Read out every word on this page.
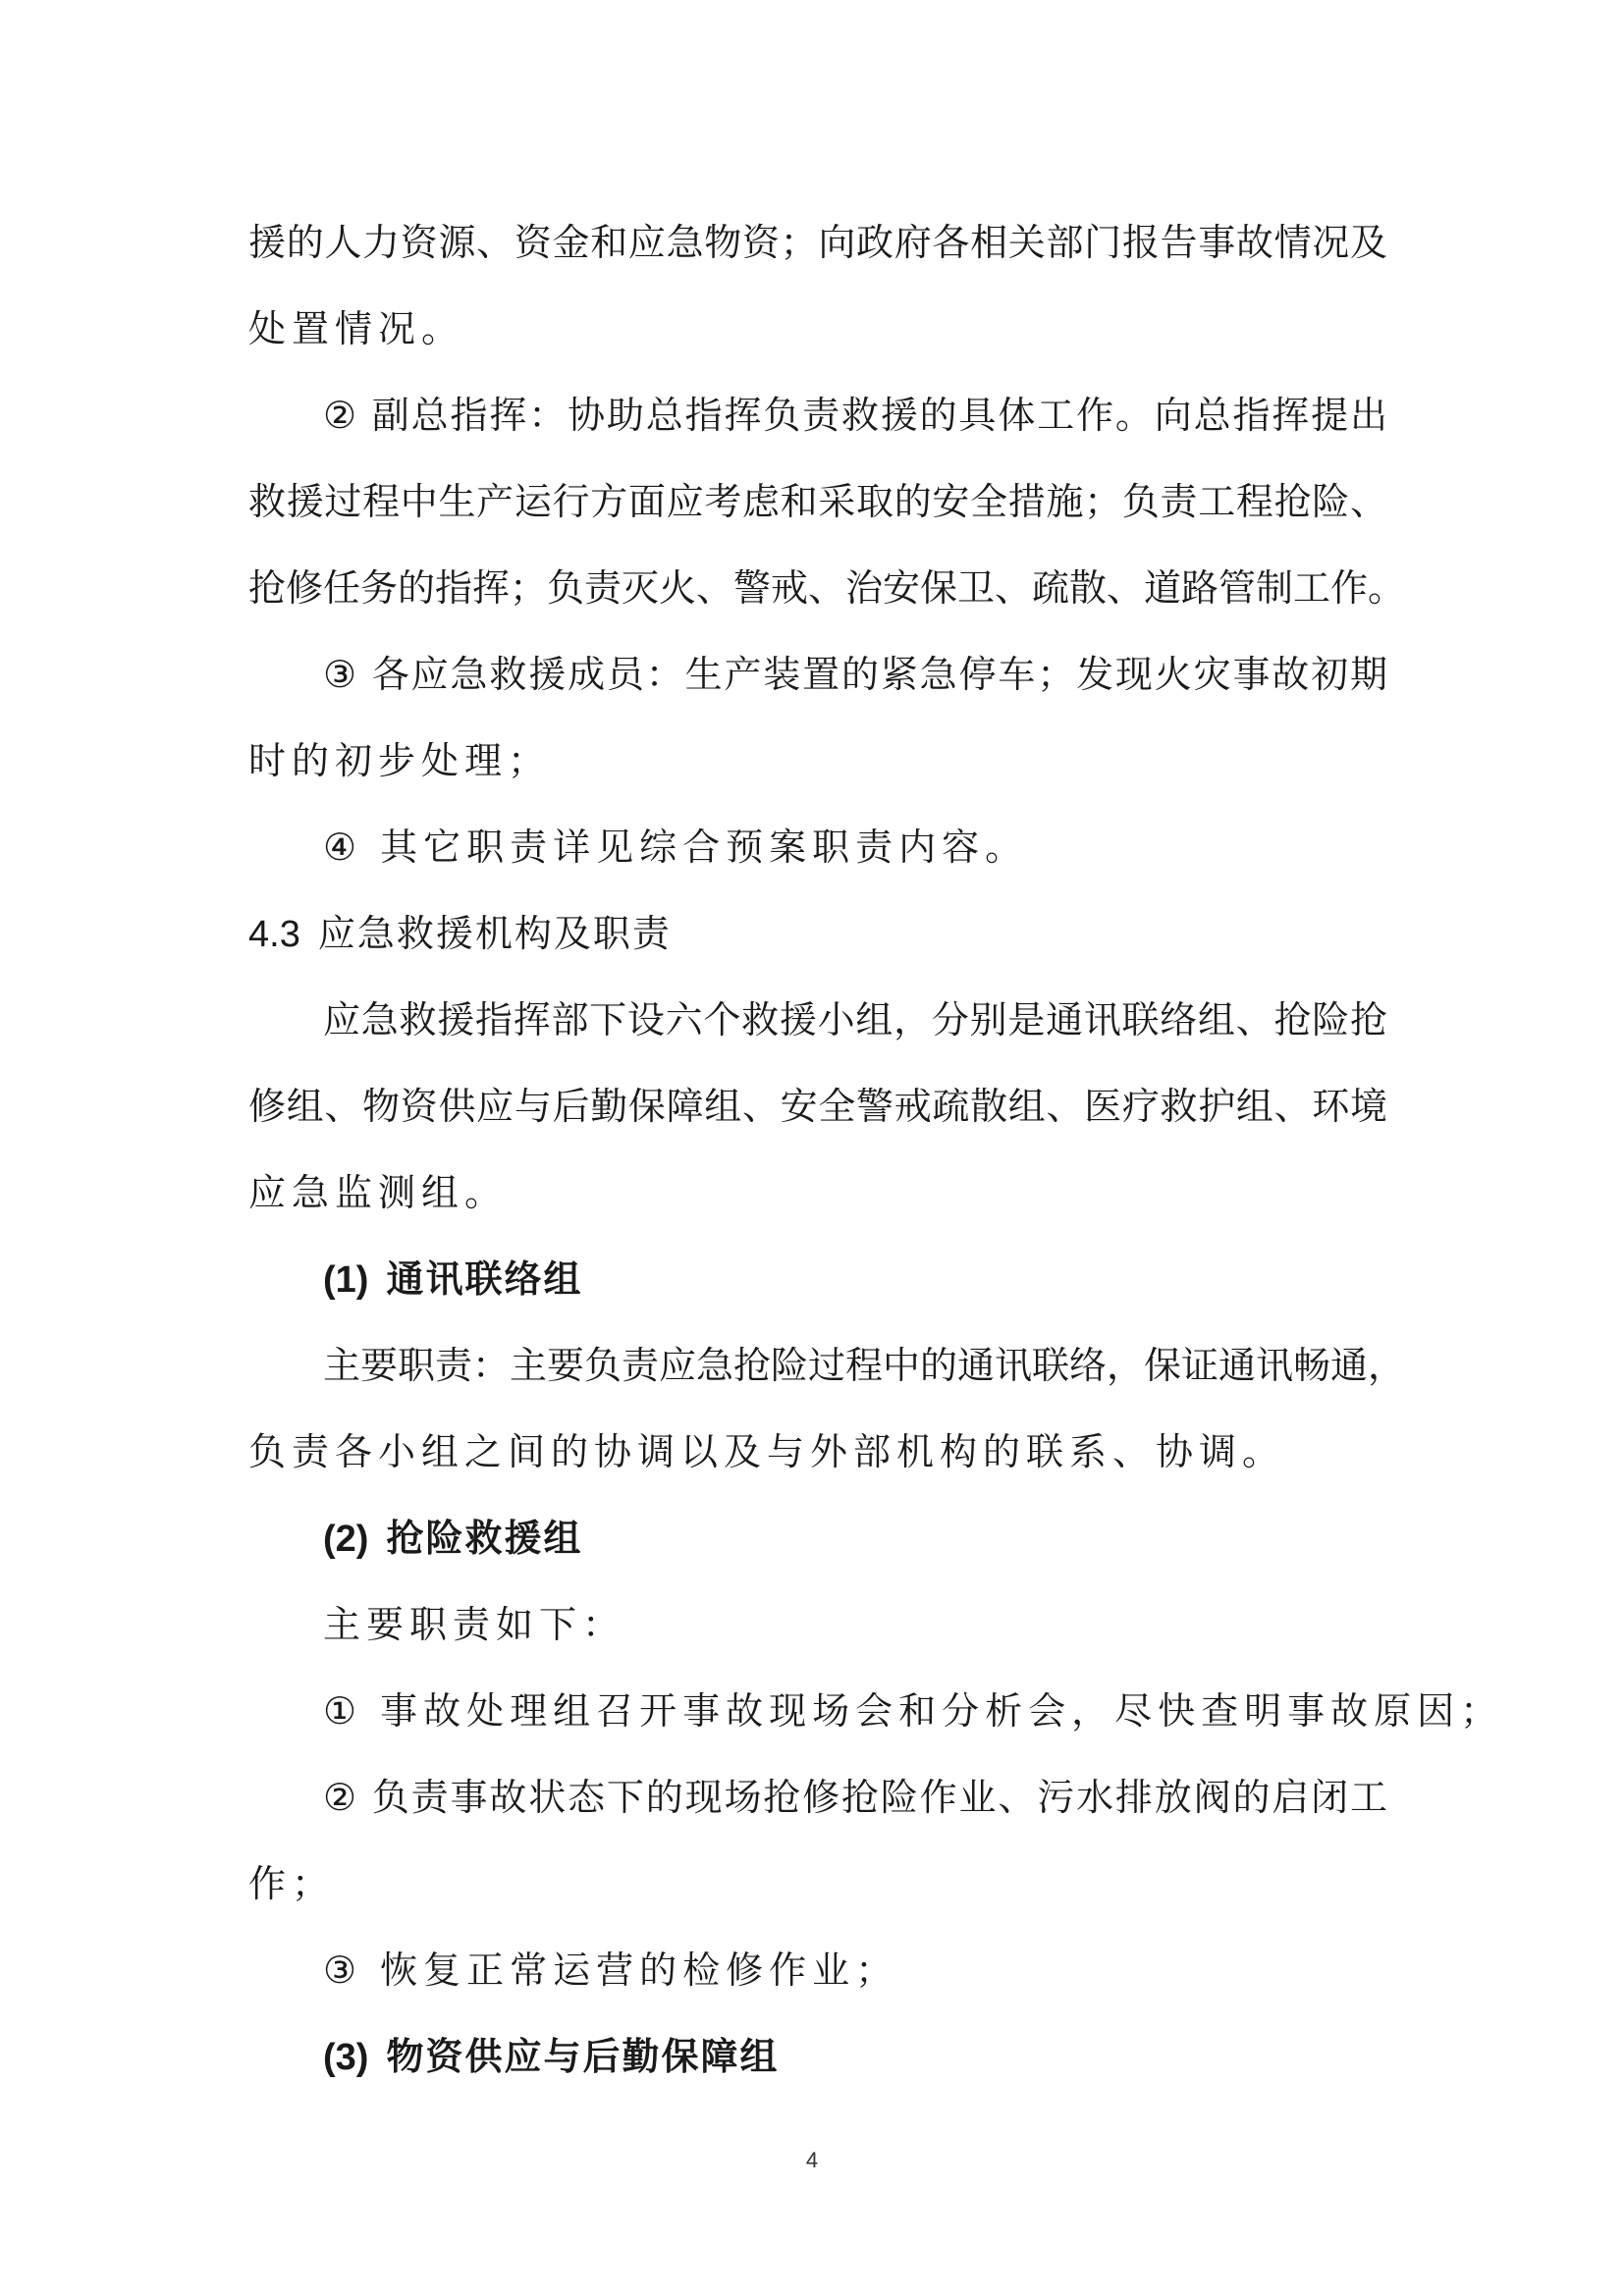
援的人力资源、资金和应急物资；向政府各相关部门报告事故情况及
处置情况。
② 副总指挥：协助总指挥负责救援的具体工作。向总指挥提出
救援过程中生产运行方面应考虑和采取的安全措施；负责工程抢险、
抢修任务的指挥；负责灭火、警戒、治安保卫、疏散、道路管制工作。
③ 各应急救援成员：生产装置的紧急停车；发现火灾事故初期
时的初步处理；
④ 其它职责详见综合预案职责内容。
4.3 应急救援机构及职责
应急救援指挥部下设六个救援小组，分别是通讯联络组、抢险抢
修组、物资供应与后勤保障组、安全警戒疏散组、医疗救护组、环境
应急监测组。
(1) 通讯联络组
主要职责：主要负责应急抢险过程中的通讯联络，保证通讯畅通，
负责各小组之间的协调以及与外部机构的联系、协调。
(2) 抢险救援组
主要职责如下：
① 事故处理组召开事故现场会和分析会，尽快查明事故原因；
② 负责事故状态下的现场抢修抢险作业、污水排放阀的启闭工
作；
③ 恢复正常运营的检修作业；
(3) 物资供应与后勤保障组
4
